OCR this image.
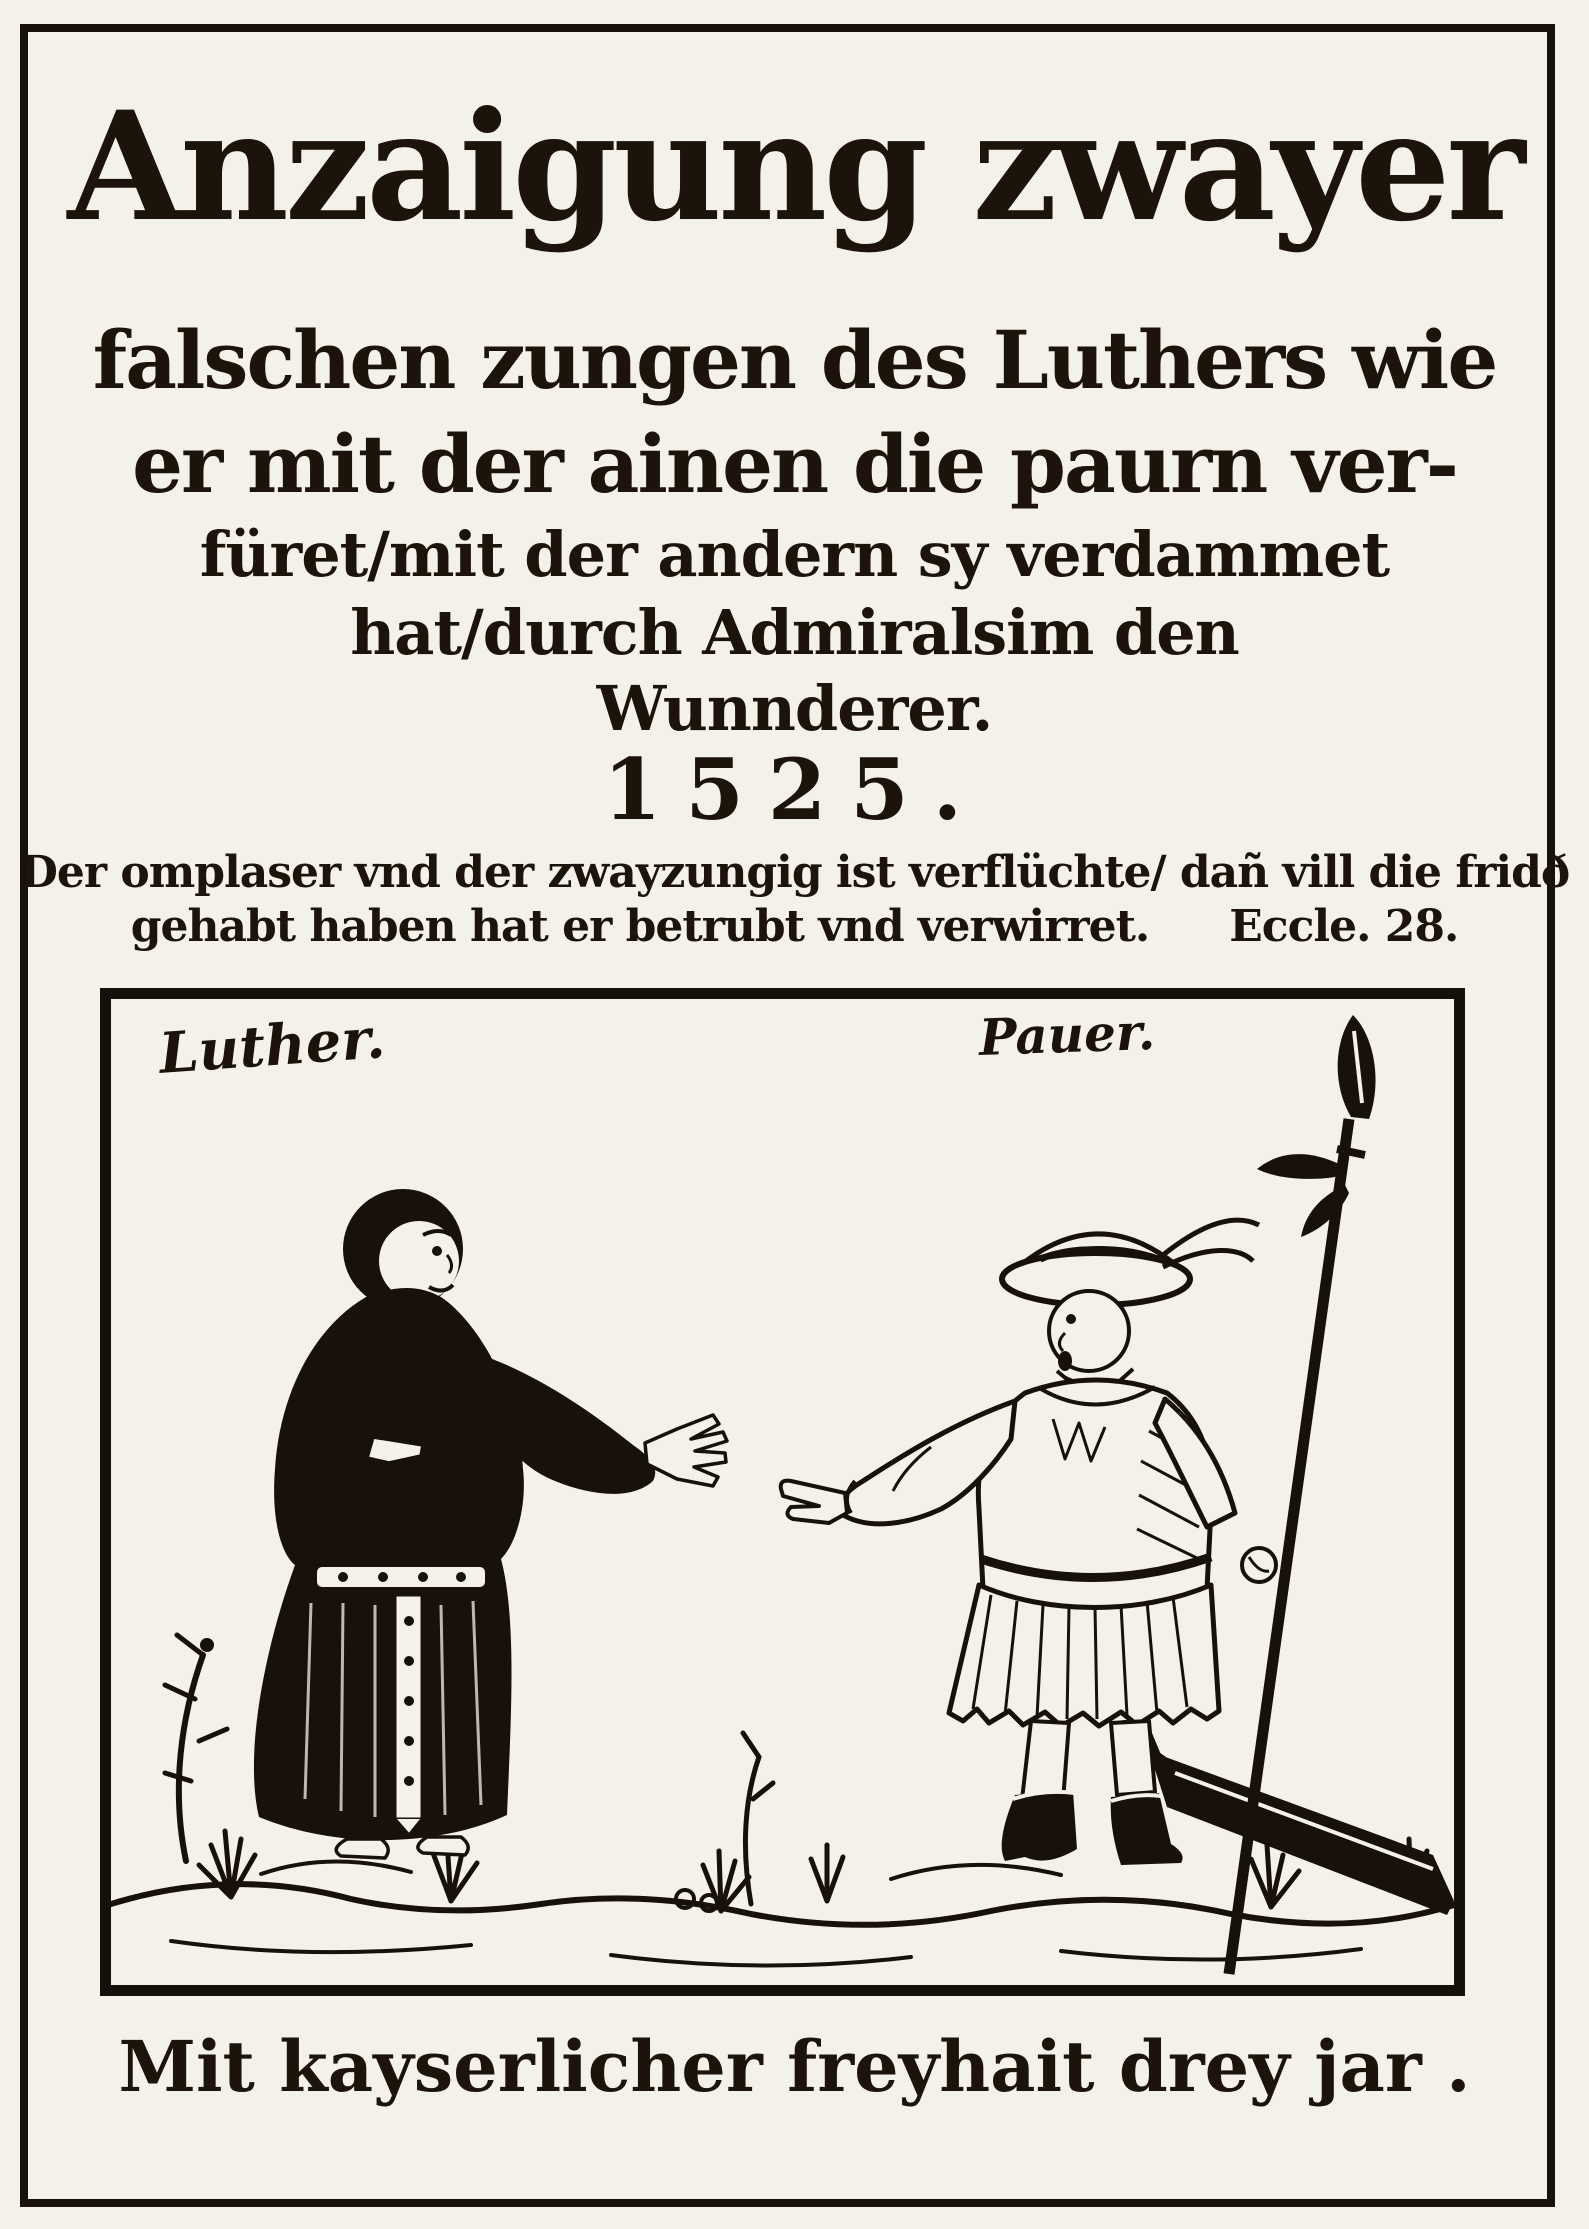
Anzaigung zwayer
falschen zungen des Luthers wie
er mit der ainen die paurn ver-
füret/mit der andern sy verdammet
hat/durch Admiralsim den
Wunnderer.
1525.
Der omplaser vnd der zwayzungig ist verflüchte/ dañ vill die fridð
gehabt haben hat er betrubt vnd verwirret. Eccle. 28.
Luther.	Pauer.
Mit kayserlicher freyhait drey jar .
